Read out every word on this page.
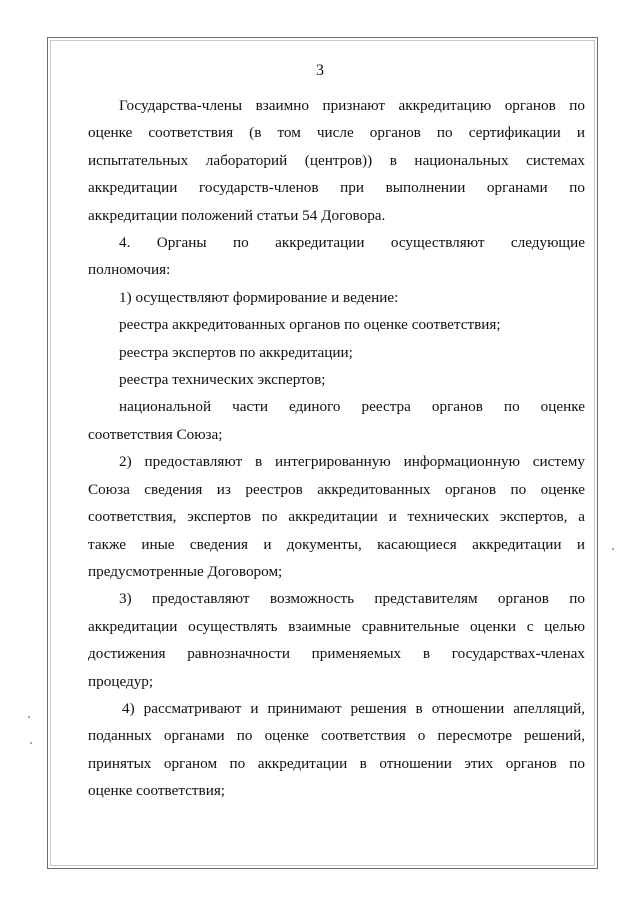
3
Государства-члены взаимно признают аккредитацию органов по
оценке соответствия (в том числе органов по сертификации и
испытательных лабораторий (центров)) в национальных системах
аккредитации государств-членов при выполнении органами по
аккредитации положений статьи 54 Договора.
4. Органы по аккредитации осуществляют следующие
полномочия:
1) осуществляют формирование и ведение:
реестра аккредитованных органов по оценке соответствия;
реестра экспертов по аккредитации;
реестра технических экспертов;
национальной части единого реестра органов по оценке
соответствия Союза;
2) предоставляют в интегрированную информационную систему
Союза сведения из реестров аккредитованных органов по оценке
соответствия, экспертов по аккредитации и технических экспертов, а
также иные сведения и документы, касающиеся аккредитации и
предусмотренные Договором;
3) предоставляют возможность представителям органов по
аккредитации осуществлять взаимные сравнительные оценки с целью
достижения равнозначности применяемых в государствах-членах
процедур;
4) рассматривают и принимают решения в отношении апелляций,
поданных органами по оценке соответствия о пересмотре решений,
принятых органом по аккредитации в отношении этих органов по
оценке соответствия;
